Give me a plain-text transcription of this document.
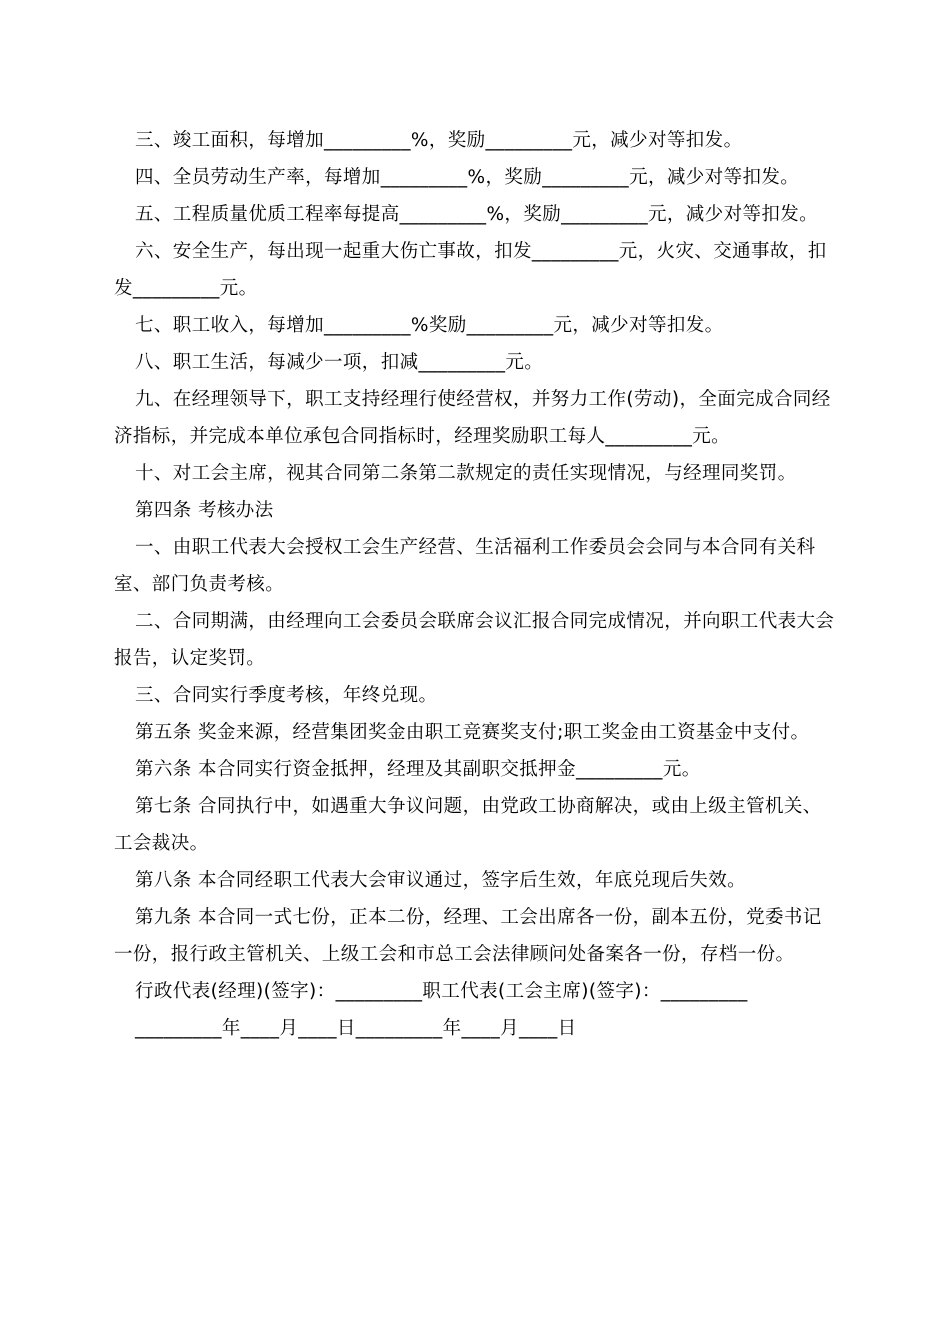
三、竣工面积，每增加_________%，奖励_________元，减少对等扣发。

四、全员劳动生产率，每增加_________%，奖励_________元，减少对等扣发。

五、工程质量优质工程率每提高_________%，奖励_________元，减少对等扣发。

六、安全生产，每出现一起重大伤亡事故，扣发_________元，火灾、交通事故，扣发_________元。

七、职工收入，每增加_________%奖励_________元，减少对等扣发。

八、职工生活，每减少一项，扣减_________元。

九、在经理领导下，职工支持经理行使经营权，并努力工作(劳动)，全面完成合同经济指标，并完成本单位承包合同指标时，经理奖励职工每人_________元。

十、对工会主席，视其合同第二条第二款规定的责任实现情况，与经理同奖罚。

第四条 考核办法

一、由职工代表大会授权工会生产经营、生活福利工作委员会会同与本合同有关科室、部门负责考核。

二、合同期满，由经理向工会委员会联席会议汇报合同完成情况，并向职工代表大会报告，认定奖罚。

三、合同实行季度考核，年终兑现。

第五条 奖金来源，经营集团奖金由职工竞赛奖支付;职工奖金由工资基金中支付。

第六条 本合同实行资金抵押，经理及其副职交抵押金_________元。

第七条 合同执行中，如遇重大争议问题，由党政工协商解决，或由上级主管机关、工会裁决。

第八条 本合同经职工代表大会审议通过，签字后生效，年底兑现后失效。

第九条 本合同一式七份，正本二份，经理、工会出席各一份，副本五份，党委书记一份，报行政主管机关、上级工会和市总工会法律顾问处备案各一份，存档一份。

行政代表(经理)(签字)：_________职工代表(工会主席)(签字)：_________

_________年____月____日_________年____月____日
